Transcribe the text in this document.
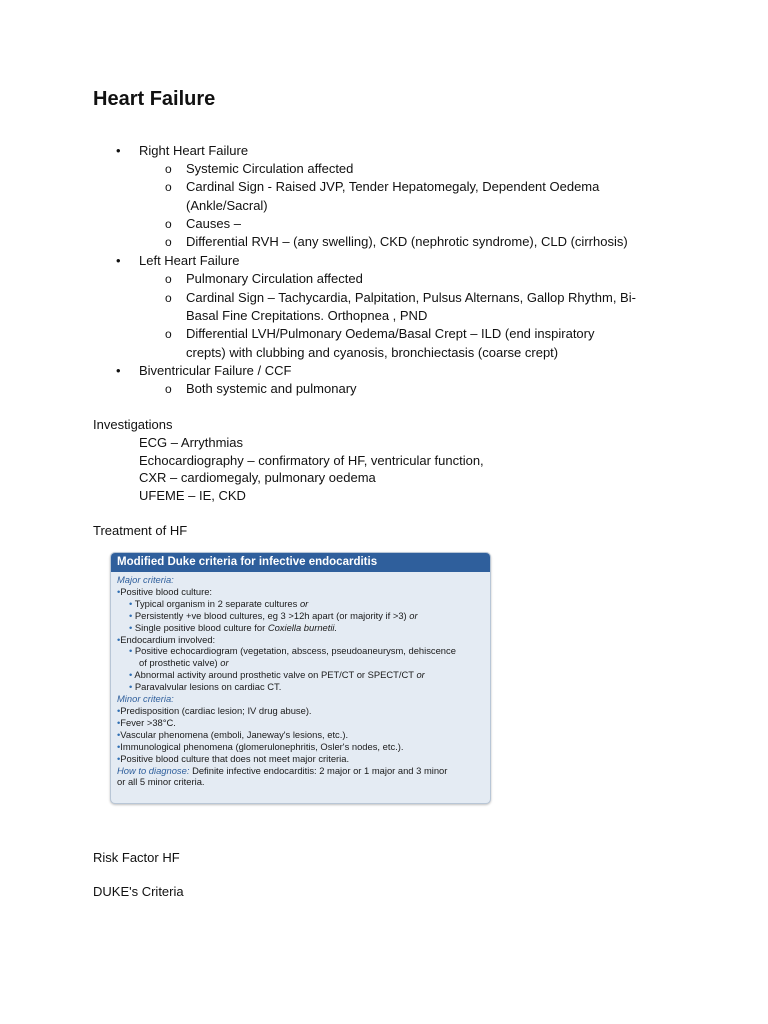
Heart Failure
• Right Heart Failure
o Systemic Circulation affected
o Cardinal Sign - Raised JVP, Tender Hepatomegaly, Dependent Oedema
(Ankle/Sacral)
o Causes –
o Differential RVH – (any swelling), CKD (nephrotic syndrome), CLD (cirrhosis)
• Left Heart Failure
o Pulmonary Circulation affected
o Cardinal Sign – Tachycardia, Palpitation, Pulsus Alternans, Gallop Rhythm, Bi-
Basal Fine Crepitations. Orthopnea , PND
o Differential LVH/Pulmonary Oedema/Basal Crept – ILD (end inspiratory
crepts) with clubbing and cyanosis, bronchiectasis (coarse crept)
• Biventricular Failure / CCF
o Both systemic and pulmonary
Investigations
ECG – Arrythmias
Echocardiography – confirmatory of HF, ventricular function,
CXR – cardiomegaly, pulmonary oedema
UFEME – IE, CKD
Treatment of HF
Modified Duke criteria for infective endocarditis
Major criteria:
•Positive blood culture:
• Typical organism in 2 separate cultures or
• Persistently +ve blood cultures, eg 3 >12h apart (or majority if >3) or
• Single positive blood culture for Coxiella burnetii.
•Endocardium involved:
• Positive echocardiogram (vegetation, abscess, pseudoaneurysm, dehiscence
of prosthetic valve) or
• Abnormal activity around prosthetic valve on PET/CT or SPECT/CT or
• Paravalvular lesions on cardiac CT.
Minor criteria:
•Predisposition (cardiac lesion; IV drug abuse).
•Fever >38°C.
•Vascular phenomena (emboli, Janeway's lesions, etc.).
•Immunological phenomena (glomerulonephritis, Osler's nodes, etc.).
•Positive blood culture that does not meet major criteria.
How to diagnose: Definite infective endocarditis: 2 major or 1 major and 3 minor
or all 5 minor criteria.
Risk Factor HF
DUKE's Criteria
